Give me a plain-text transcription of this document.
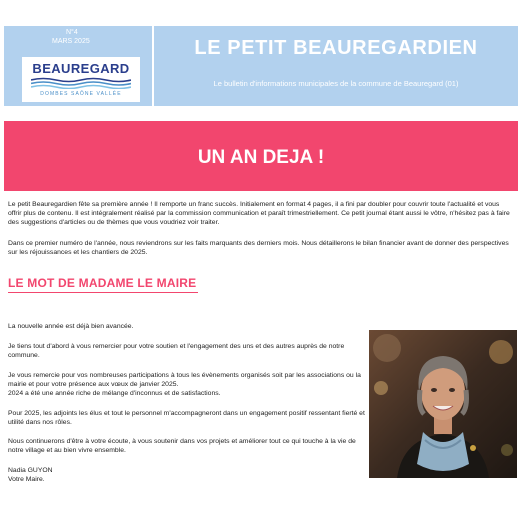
N°4
MARS 2025
BEAUREGARD
DOMBES SAÔNE VALLÉE
LE PETIT BEAUREGARDIEN
Le bulletin d'informations municipales de la commune de Beauregard (01)
UN AN DEJA !

Le petit Beauregardien fête sa première année ! Il remporte un franc succès. Initialement en format 4 pages, il a fini par doubler pour couvrir toute l'actualité et vous offrir plus de contenu. Il est intégralement réalisé par la commission communication et paraît trimestriellement. Ce petit journal étant aussi le vôtre, n'hésitez pas à faire des suggestions d'articles ou de thèmes que vous voudriez voir traiter.

Dans ce premier numéro de l'année, nous reviendrons sur les faits marquants des derniers mois. Nous détaillerons le bilan financier avant de donner des perspectives sur les réjouissances et les chantiers de 2025.

LE MOT DE MADAME LE MAIRE

La nouvelle année est déjà bien avancée.

Je tiens tout d'abord à vous remercier pour votre soutien et l'engagement des uns et des autres auprès de notre commune.

Je vous remercie pour vos nombreuses participations à tous les évènements organisés soit par les associations ou la mairie et pour votre présence aux vœux de janvier 2025.

2024 a été une année riche de mélange d'inconnus et de satisfactions.

Pour 2025, les adjoints les élus et tout le personnel m'accompagneront dans un engagement positif ressentant fierté et utilité dans nos rôles.

Nous continuerons d'être à votre écoute, à vous soutenir dans vos projets et améliorer tout ce qui touche à la vie de notre village et au bien vivre ensemble.

Nadia GUYON

Votre Maire.
